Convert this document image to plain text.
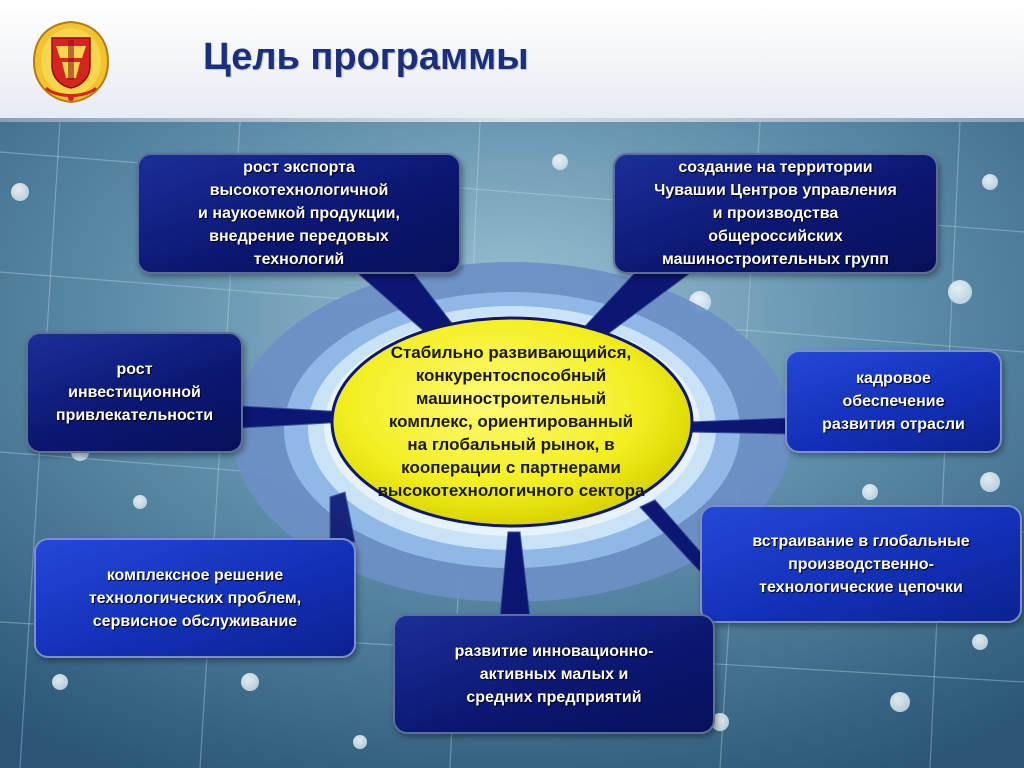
Цель программы
Стабильно развивающийся,
конкурентоспособный
машиностроительный
комплекс, ориентированный
на глобальный рынок, в
кооперации с партнерами
высокотехнологичного сектора
рост экспорта
высокотехнологичной
и наукоемкой продукции,
внедрение передовых
технологий
создание на территории
Чувашии Центров управления
и производства
общероссийских
машиностроительных групп
рост
инвестиционной
привлекательности
кадровое
обеспечение
развития отрасли
комплексное решение
технологических проблем,
сервисное обслуживание
встраивание в глобальные
производственно-
технологические цепочки
развитие инновационно-
активных малых и
средних предприятий
